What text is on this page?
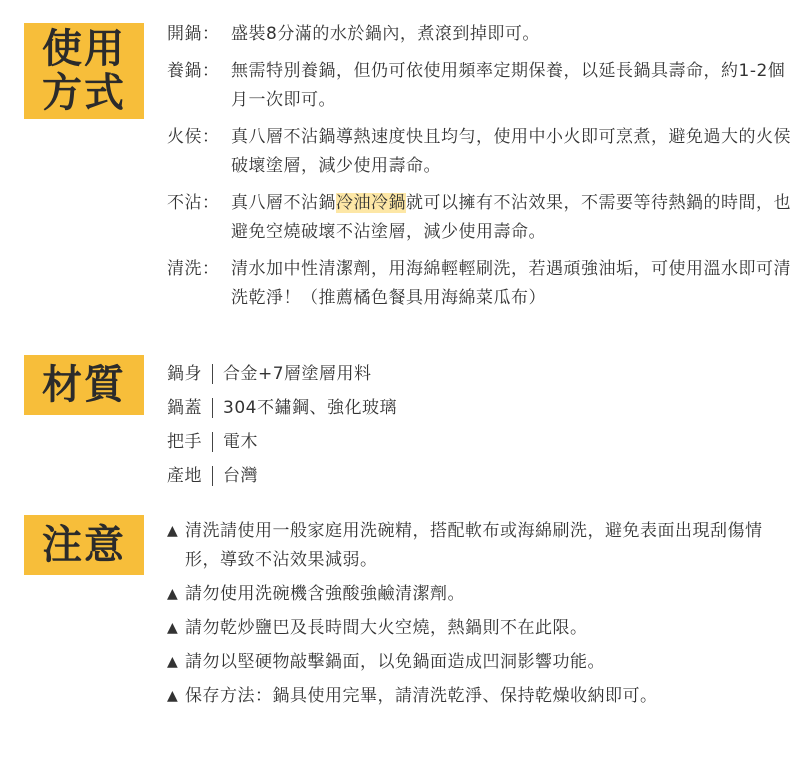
使用
方式
開鍋： 盛裝8分滿的水於鍋內，煮滾到掉即可。
養鍋： 無需特別養鍋，但仍可依使用頻率定期保養，以延長鍋具壽命，約1-2個月一次即可。
火侯： 真八層不沾鍋導熱速度快且均勻，使用中小火即可烹煮，避免過大的火侯破壞塗層，減少使用壽命。
不沾： 真八層不沾鍋冷油冷鍋就可以擁有不沾效果，不需要等待熱鍋的時間，也避免空燒破壞不沾塗層，減少使用壽命。
清洗： 清水加中性清潔劑，用海綿輕輕刷洗，若遇頑強油垢，可使用溫水即可清洗乾淨！（推薦橘色餐具用海綿菜瓜布）
材質	鍋身 合金+7層塗層用料
鍋蓋 304不鏽鋼、強化玻璃
把手 電木
產地 台灣
注意	▲ 清洗請使用一般家庭用洗碗精，搭配軟布或海綿刷洗，避免表面出現刮傷情形，導致不沾效果減弱。
▲ 請勿使用洗碗機含強酸強鹼清潔劑。
▲ 請勿乾炒鹽巴及長時間大火空燒，熱鍋則不在此限。
▲ 請勿以堅硬物敲擊鍋面，以免鍋面造成凹洞影響功能。
▲ 保存方法：鍋具使用完畢，請清洗乾淨、保持乾燥收納即可。
